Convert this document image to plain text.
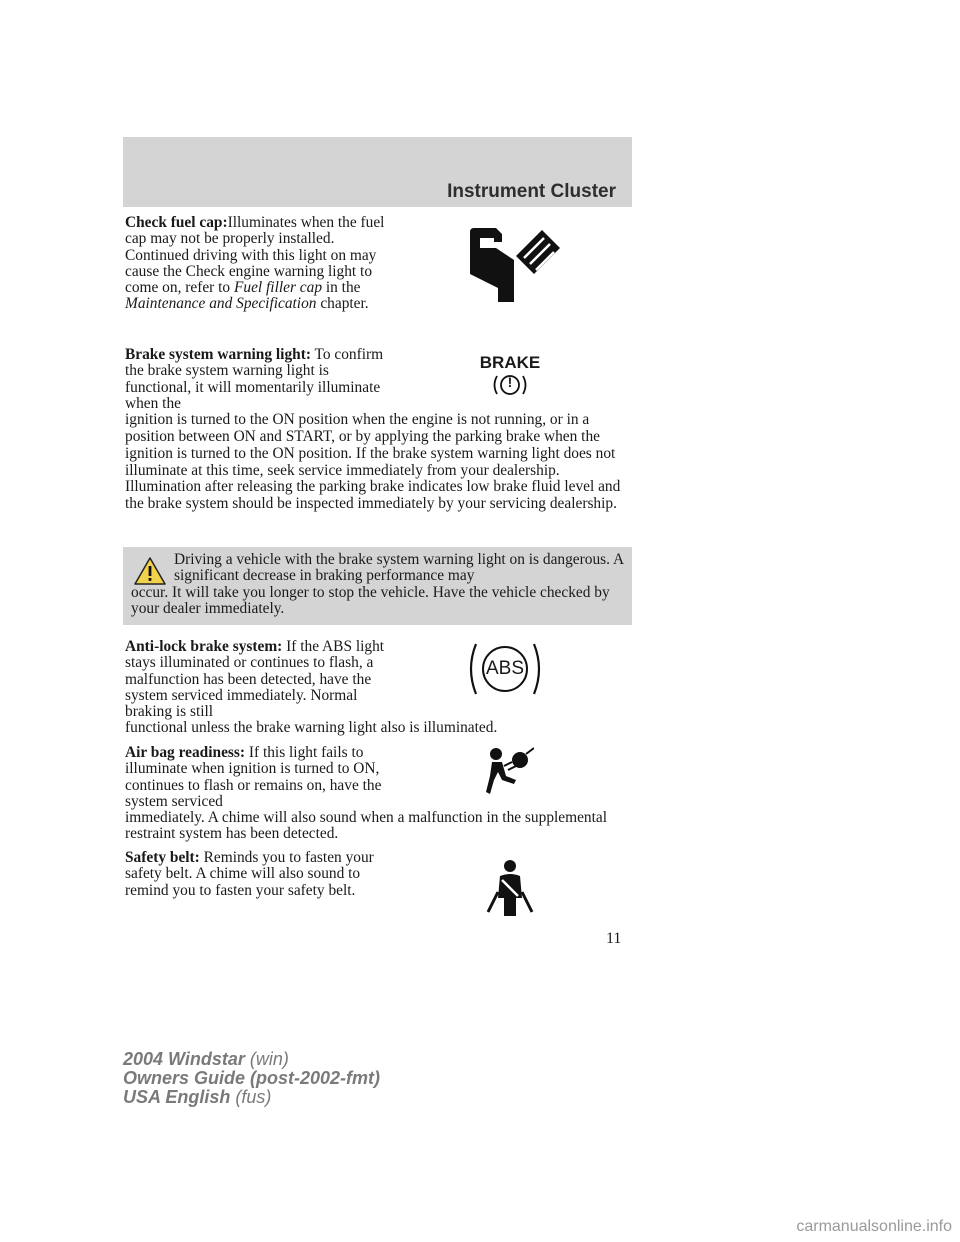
Instrument Cluster
Check fuel cap:Illuminates when the fuel cap may not be properly installed. Continued driving with this light on may cause the Check engine warning light to come on, refer to Fuel filler cap in the
Maintenance and Specification chapter.
Brake system warning light: To confirm the brake system warning light is functional, it will momentarily illuminate when the
ignition is turned to the ON position when the engine is not running, or in a position between ON and START, or by applying the parking brake when the ignition is turned to the ON position. If the brake system warning light does not illuminate at this time, seek service immediately from your dealership. Illumination after releasing the parking brake indicates low brake fluid level and the brake system should be inspected immediately by your servicing dealership.
BRAKE
!
Driving a vehicle with the brake system warning light on is dangerous. A significant decrease in braking performance may
occur. It will take you longer to stop the vehicle. Have the vehicle checked by your dealer immediately.
Anti-lock brake system: If the ABS light stays illuminated or continues to flash, a malfunction has been detected, have the system serviced immediately. Normal braking is still
functional unless the brake warning light also is illuminated.
ABS
Air bag readiness: If this light fails to illuminate when ignition is turned to ON, continues to flash or remains on, have the system serviced
immediately. A chime will also sound when a malfunction in the supplemental restraint system has been detected.
Safety belt: Reminds you to fasten your safety belt. A chime will also sound to remind you to fasten your safety belt.
11
2004 Windstar (win)
Owners Guide (post-2002-fmt)
USA English (fus)
carmanualsonline.info
